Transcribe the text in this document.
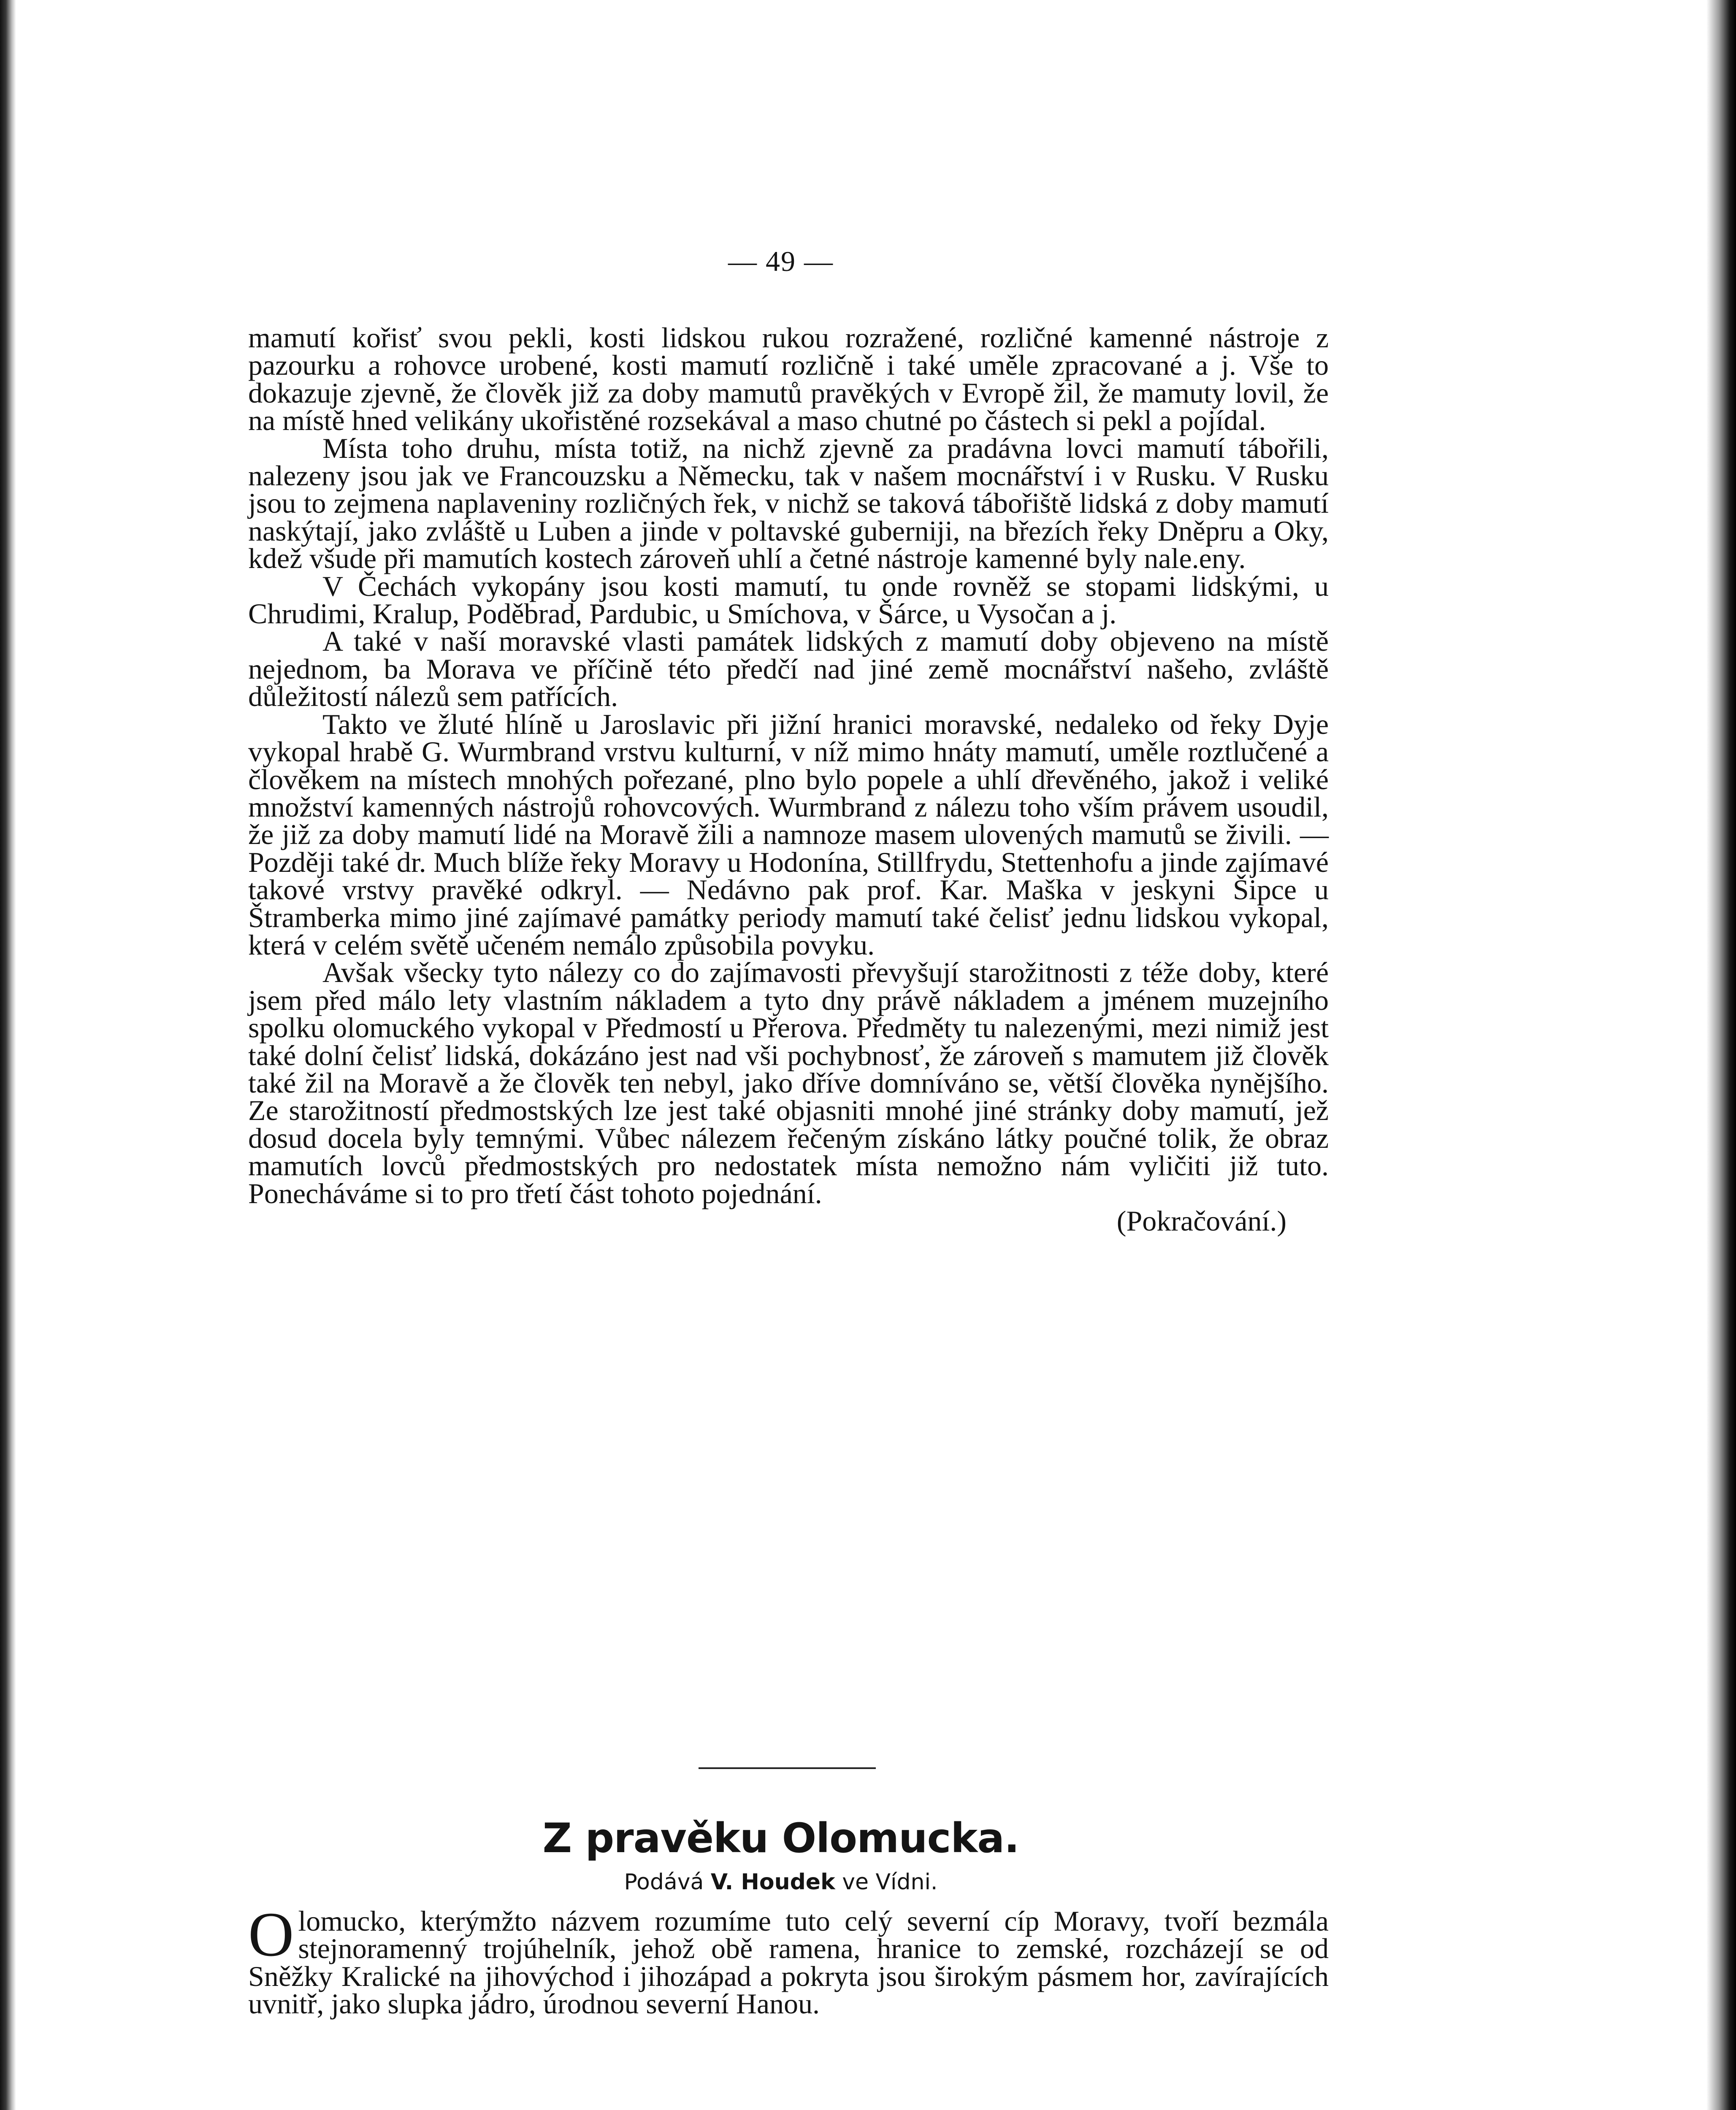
— 49 —

mamutí kořisť svou pekli, kosti lidskou rukou rozražené, rozličné kamenné nástroje z pazourku a rohovce urobené, kosti mamutí rozličně i také uměle zpracované a j. Vše to dokazuje zjevně, že člověk již za doby mamutů pravěkých v Evropě žil, že mamuty lovil, že na místě hned velikány ukořistěné rozsekával a maso chutné po částech si pekl a pojídal.

Místa toho druhu, místa totiž, na nichž zjevně za pradávna lovci mamutí tábořili, nalezeny jsou jak ve Francouzsku a Německu, tak v našem mocnářství i v Rusku. V Rusku jsou to zejmena naplaveniny rozličných řek, v nichž se taková tábořiště lidská z doby mamutí naskýtají, jako zvláště u Luben a jinde v poltavské guberniji, na březích řeky Dněpru a Oky, kdež všude při mamutích kostech zároveň uhlí a četné nástroje kamenné byly nale.eny.

V Čechách vykopány jsou kosti mamutí, tu onde rovněž se stopami lidskými, u Chrudimi, Kralup, Poděbrad, Pardubic, u Smíchova, v Šárce, u Vysočan a j.

A také v naší moravské vlasti památek lidských z mamutí doby objeveno na místě nejednom, ba Morava ve příčině této předčí nad jiné země mocnářství našeho, zvláště důležitostí nálezů sem patřících.

Takto ve žluté hlíně u Jaroslavic při jižní hranici moravské, nedaleko od řeky Dyje vykopal hrabě G. Wurmbrand vrstvu kulturní, v níž mimo hnáty mamutí, uměle roztlučené a člověkem na místech mnohých pořezané, plno bylo popele a uhlí dřevěného, jakož i veliké množství kamenných nástrojů rohovcových. Wurmbrand z nálezu toho vším právem usoudil, že již za doby mamutí lidé na Moravě žili a namnoze masem ulovených mamutů se živili. — Později také dr. Much blíže řeky Moravy u Hodonína, Stillfrydu, Stettenhofu a jinde zajímavé takové vrstvy pravěké odkryl. — Nedávno pak prof. Kar. Maška v jeskyni Šipce u Štramberka mimo jiné zajímavé památky periody mamutí také čelisť jednu lidskou vykopal, která v celém světě učeném nemálo způsobila povyku.

Avšak všecky tyto nálezy co do zajímavosti převyšují starožitnosti z téže doby, které jsem před málo lety vlastním nákladem a tyto dny právě nákladem a jménem muzejního spolku olomuckého vykopal v Předmostí u Přerova. Předměty tu nalezenými, mezi nimiž jest také dolní čelisť lidská, dokázáno jest nad vši pochybnosť, že zároveň s mamutem již člověk také žil na Moravě a že člověk ten nebyl, jako dříve domníváno se, větší člověka nynějšího. Ze starožitností předmostských lze jest také objasniti mnohé jiné stránky doby mamutí, jež dosud docela byly temnými. Vůbec nálezem řečeným získáno látky poučné tolik, že obraz mamutích lovců předmostských pro nedostatek místa nemožno nám vyličiti již tuto. Ponecháváme si to pro třetí část tohoto pojednání.

(Pokračování.)

Z pravěku Olomucka.
Podává V. Houdek ve Vídni.
Olomucko, kterýmžto názvem rozumíme tuto celý severní cíp Moravy, tvoří bezmála stejnoramenný trojúhelník, jehož obě ramena, hranice to zemské, rozcházejí se od Sněžky Kralické na jihovýchod i jihozápad a pokryta jsou širokým pásmem hor, zavírajících uvnitř, jako slupka jádro, úrodnou severní Hanou.
